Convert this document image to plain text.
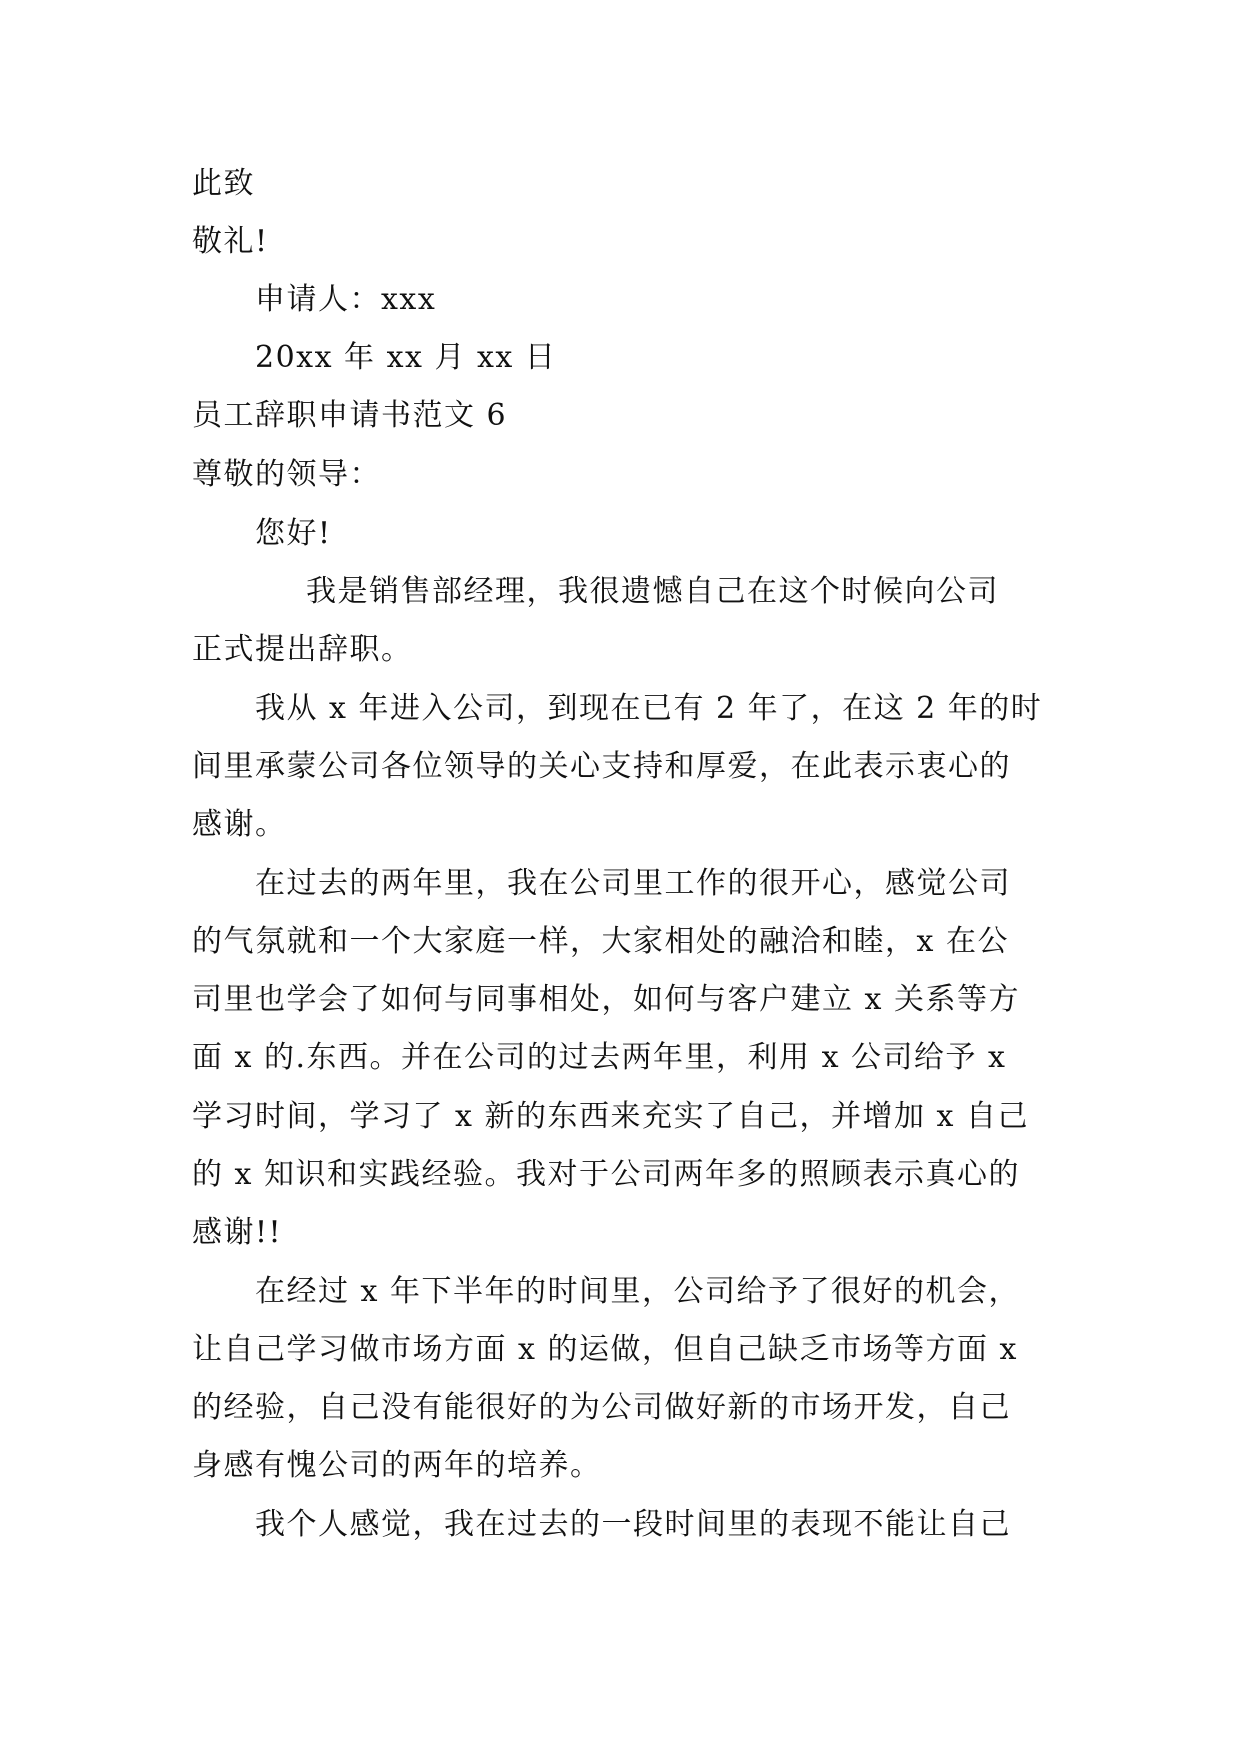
此致
敬礼!
申请人：xxx
20xx 年 xx 月 xx 日
员工辞职申请书范文 6
尊敬的领导：
您好!
我是销售部经理，我很遗憾自己在这个时候向公司
正式提出辞职。
我从 x 年进入公司，到现在已有 2 年了，在这 2 年的时
间里承蒙公司各位领导的关心支持和厚爱，在此表示衷心的
感谢。
在过去的两年里，我在公司里工作的很开心，感觉公司
的气氛就和一个大家庭一样，大家相处的融洽和睦，x 在公
司里也学会了如何与同事相处，如何与客户建立 x 关系等方
面 x 的.东西。并在公司的过去两年里，利用 x 公司给予 x
学习时间，学习了 x 新的东西来充实了自己，并增加 x 自己
的 x 知识和实践经验。我对于公司两年多的照顾表示真心的
感谢!!
在经过 x 年下半年的时间里，公司给予了很好的机会，
让自己学习做市场方面 x 的运做，但自己缺乏市场等方面 x
的经验，自己没有能很好的为公司做好新的市场开发，自己
身感有愧公司的两年的培养。
我个人感觉，我在过去的一段时间里的表现不能让自己
